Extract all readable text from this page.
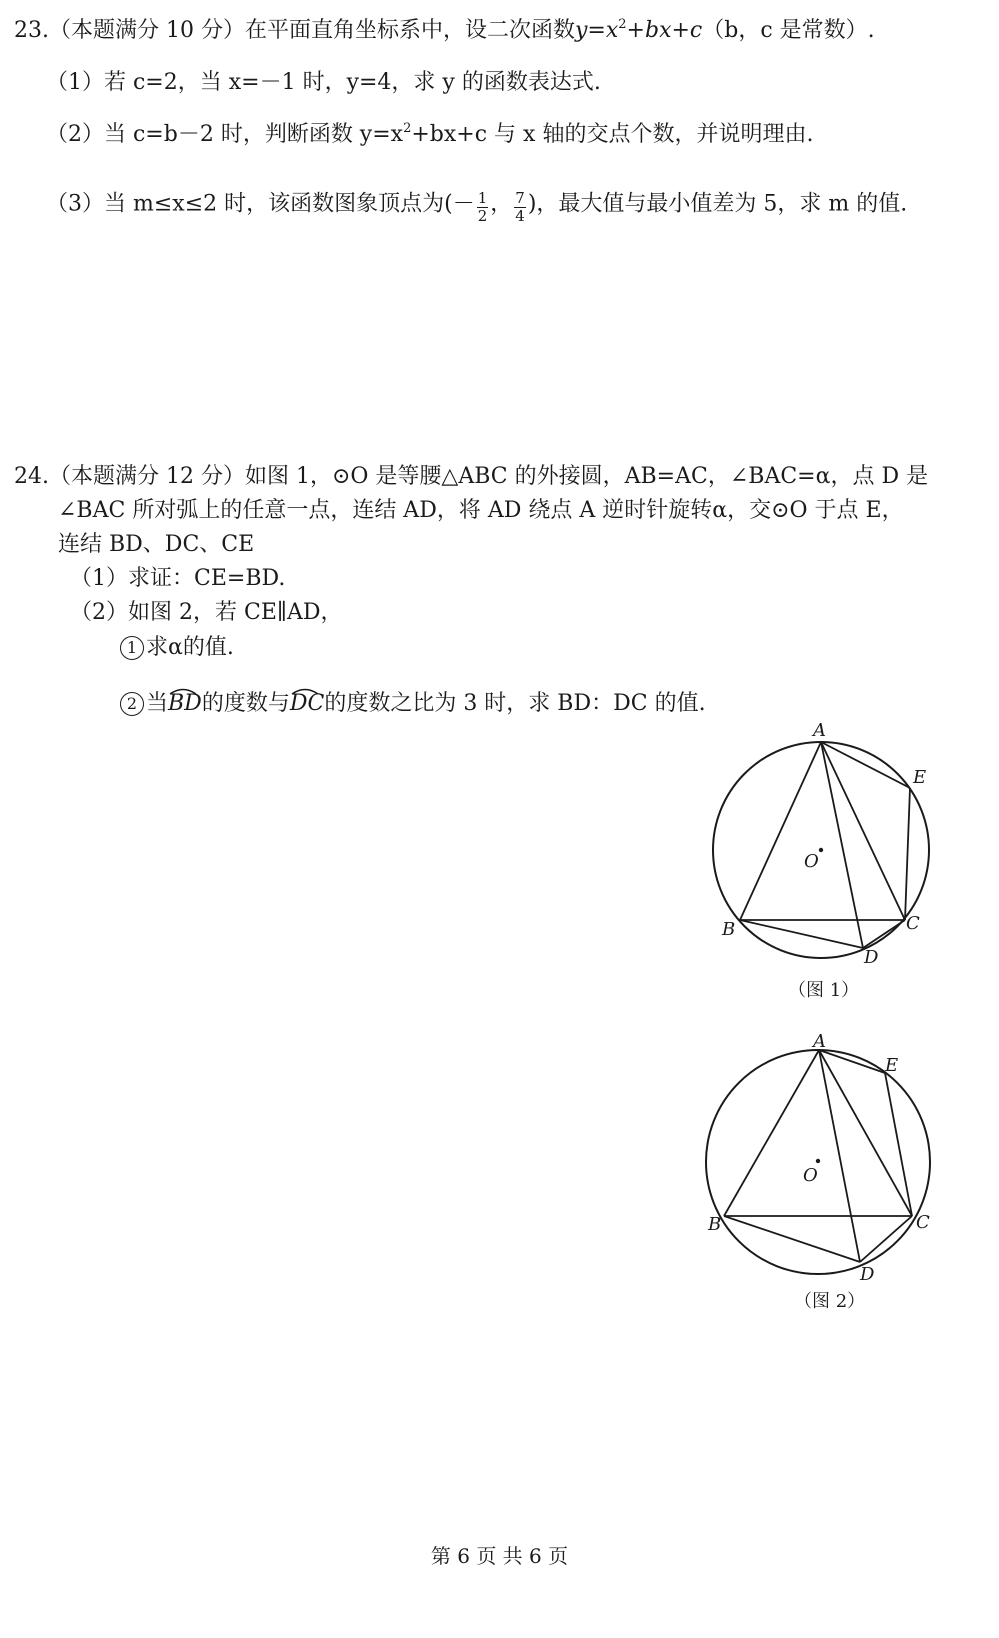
23.（本题满分 10 分）在平面直角坐标系中，设二次函数$y=x^2+bx+c(b$，c 是常数）.
（1）若 c=2，当 x=－1 时，y=4，求 y 的函数表达式.
（2）当 c=b－2 时，判断函数 $y=x^2+bx+c$ 与 x 轴的交点个数，并说明理由.
（3）当 m≤x≤2 时，该函数图象顶点为(－ $\frac{1}{2}$ ， $\frac{7}{4}$ )，最大值与最小值差为 5，求 m 的值.
24.（本题满分 12 分）如图 1，⊙O 是等腰△ABC 的外接圆，AB=AC，∠BAC=α，点 D 是
∠BAC 所对弧上的任意一点，连结 AD，将 AD 绕点 A 逆时针旋转α，交⊙O 于点 E，
连结 BD、DC、CE
（1）求证：CE=BD.
（2）如图 2，若 CE∥AD，
1 求α的值.
2 当
BD的度数与
DC的度数之比为 3 时，求 BD：DC 的值.
A
E
O
B	C
D
（图 1）
A
E
O
B	C
D
（图 2）
第 6 页 共 6 页
